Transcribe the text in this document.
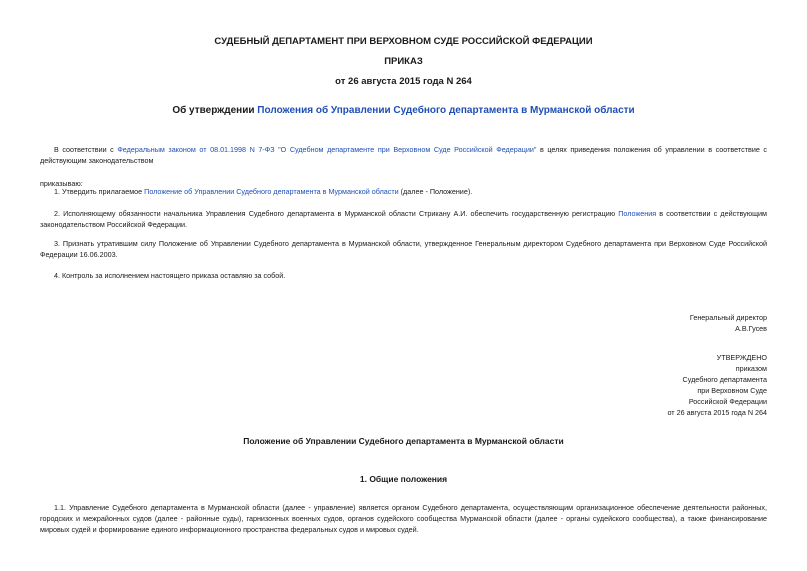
СУДЕБНЫЙ ДЕПАРТАМЕНТ ПРИ ВЕРХОВНОМ СУДЕ РОССИЙСКОЙ ФЕДЕРАЦИИ
ПРИКАЗ
от 26 августа 2015 года N 264
Об утверждении Положения об Управлении Судебного департамента в Мурманской области
В соответствии с Федеральным законом от 08.01.1998 N 7-ФЗ "О Судебном департаменте при Верховном Суде Российской Федерации" в целях приведения положения об управлении в соответствие с действующим законодательством
приказываю:
1. Утвердить прилагаемое Положение об Управлении Судебного департамента в Мурманской области (далее - Положение).
2. Исполняющему обязанности начальника Управления Судебного департамента в Мурманской области Стрикану А.И. обеспечить государственную регистрацию Положения в соответствии с действующим законодательством Российской Федерации.
3. Признать утратившим силу Положение об Управлении Судебного департамента в Мурманской области, утвержденное Генеральным директором Судебного департамента при Верховном Суде Российской Федерации 16.06.2003.
4. Контроль за исполнением настоящего приказа оставляю за собой.
Генеральный директор
А.В.Гусев
УТВЕРЖДЕНО
приказом
Судебного департамента
при Верховном Суде
Российской Федерации
от 26 августа 2015 года N 264
Положение об Управлении Судебного департамента в Мурманской области
1. Общие положения
1.1. Управление Судебного департамента в Мурманской области (далее - управление) является органом Судебного департамента, осуществляющим организационное обеспечение деятельности районных, городских и межрайонных судов (далее - районные суды), гарнизонных военных судов, органов судейского сообщества Мурманской области (далее - органы судейского сообщества), а также финансирование мировых судей и формирование единого информационного пространства федеральных судов и мировых судей.
